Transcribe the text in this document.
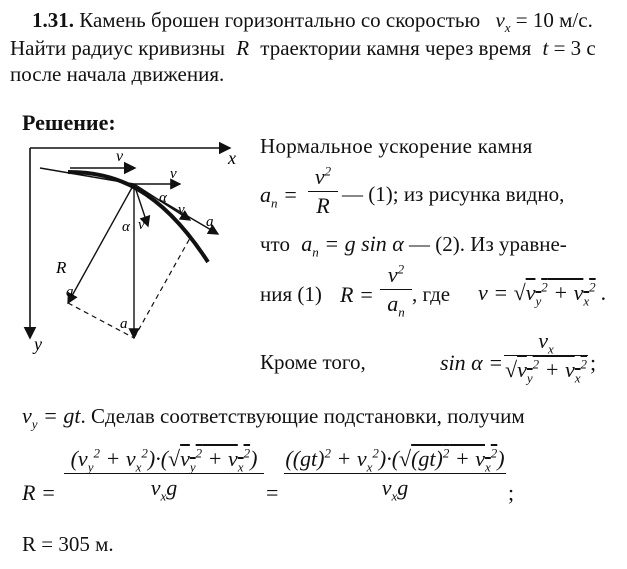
1.31. Камень брошен горизонтально со скоростью $v_x = 10$ м/с.
Найти радиус кривизны R траектории камня через время t = 3 с
после начала движения.
Решение:
x
y
v
R
v
v
v
a
α
α
a
a
Нормальное ускорение камня
$a_n$ =
$v^2$
R — (1); из рисунка видно,
что $a_n = g$ sin α — (2). Из уравне-
ния (1) R =
$v^2$
$a_n$
, где $v = √v_y^2 + v_x^2$ .
Кроме того,	sin α =
$v_x$
$√v_y^2 + v_x^2$ ;
$v_y$ = gt. Сделав соответствующие подстановки, получим
R =
$(v_y^2 + v_x^2)\cdot(√v_y^2 + v_x^2)$
$v_xg$	=
$((gt)^2 + v_x^2)\cdot(√(gt)^2 + v_x^2)$
$v_xg$	;
R = 305 м.
